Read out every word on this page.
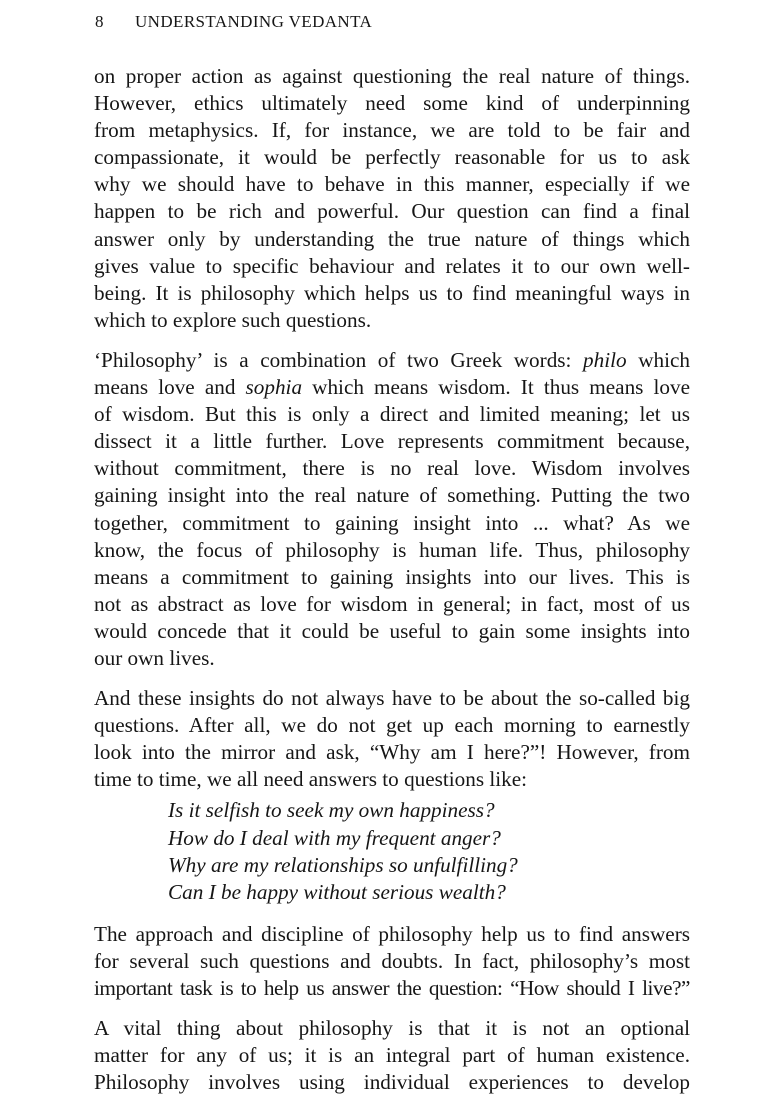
8 UNDERSTANDING VEDANTA

on proper action as against questioning the real nature of things.
However, ethics ultimately need some kind of underpinning
from metaphysics. If, for instance, we are told to be fair and
compassionate, it would be perfectly reasonable for us to ask
why we should have to behave in this manner, especially if we
happen to be rich and powerful. Our question can find a final
answer only by understanding the true nature of things which
gives value to specific behaviour and relates it to our own well-
being. It is philosophy which helps us to find meaningful ways in
which to explore such questions.

‘Philosophy’ is a combination of two Greek words: philo which
means love and sophia which means wisdom. It thus means love
of wisdom. But this is only a direct and limited meaning; let us
dissect it a little further. Love represents commitment because,
without commitment, there is no real love. Wisdom involves
gaining insight into the real nature of something. Putting the two
together, commitment to gaining insight into ... what? As we
know, the focus of philosophy is human life. Thus, philosophy
means a commitment to gaining insights into our lives. This is
not as abstract as love for wisdom in general; in fact, most of us
would concede that it could be useful to gain some insights into
our own lives.

And these insights do not always have to be about the so-called big
questions. After all, we do not get up each morning to earnestly
look into the mirror and ask, “Why am I here?”! However, from
time to time, we all need answers to questions like:

Is it selfish to seek my own happiness?
How do I deal with my frequent anger?
Why are my relationships so unfulfilling?
Can I be happy without serious wealth?

The approach and discipline of philosophy help us to find answers
for several such questions and doubts. In fact, philosophy’s most
important task is to help us answer the question: “How should I live?”

A vital thing about philosophy is that it is not an optional
matter for any of us; it is an integral part of human existence.
Philosophy involves using individual experiences to develop
